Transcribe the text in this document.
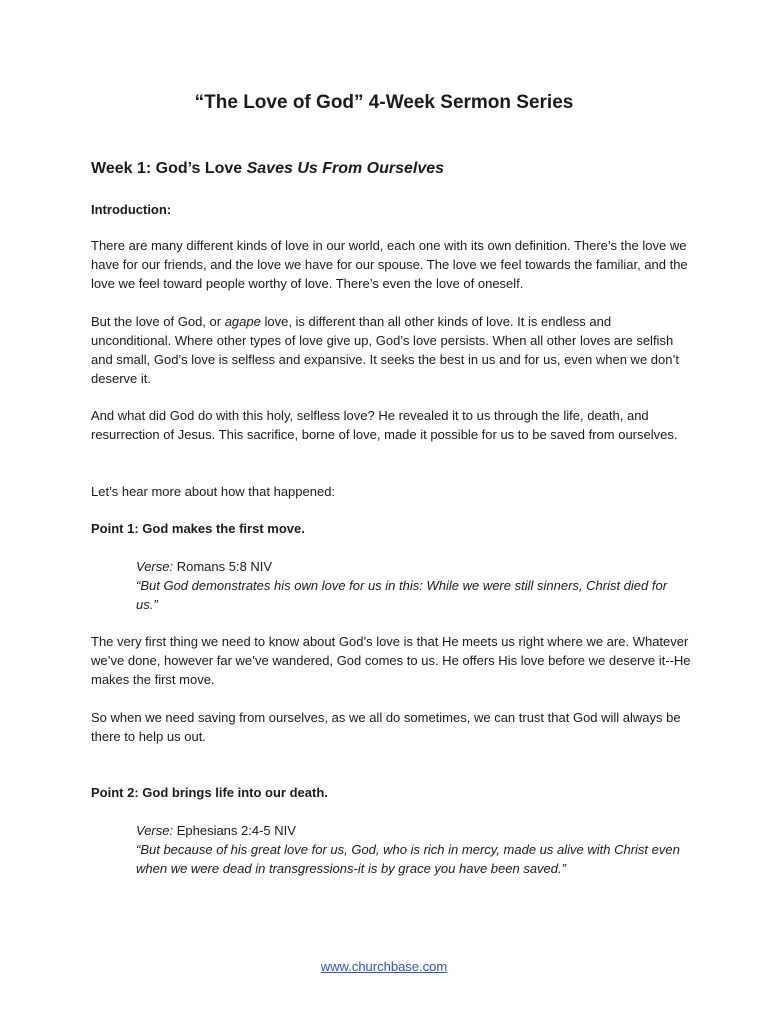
“The Love of God” 4-Week Sermon Series
Week 1: God’s Love Saves Us From Ourselves

Introduction:

There are many different kinds of love in our world, each one with its own definition. There’s the love we have for our friends, and the love we have for our spouse. The love we feel towards the familiar, and the love we feel toward people worthy of love. There’s even the love of oneself.

But the love of God, or agape love, is different than all other kinds of love. It is endless and unconditional. Where other types of love give up, God’s love persists. When all other loves are selfish and small, God’s love is selfless and expansive. It seeks the best in us and for us, even when we don’t deserve it.

And what did God do with this holy, selfless love? He revealed it to us through the life, death, and resurrection of Jesus. This sacrifice, borne of love, made it possible for us to be saved from ourselves.

Let’s hear more about how that happened:

Point 1: God makes the first move.

Verse: Romans 5:8 NIV
“But God demonstrates his own love for us in this: While we were still sinners, Christ died for us.”

The very first thing we need to know about God’s love is that He meets us right where we are. Whatever we’ve done, however far we’ve wandered, God comes to us. He offers His love before we deserve it--He makes the first move.

So when we need saving from ourselves, as we all do sometimes, we can trust that God will always be there to help us out.

Point 2: God brings life into our death.

Verse: Ephesians 2:4-5 NIV
“But because of his great love for us, God, who is rich in mercy, made us alive with Christ even when we were dead in transgressions-it is by grace you have been saved.”
www.churchbase.com
